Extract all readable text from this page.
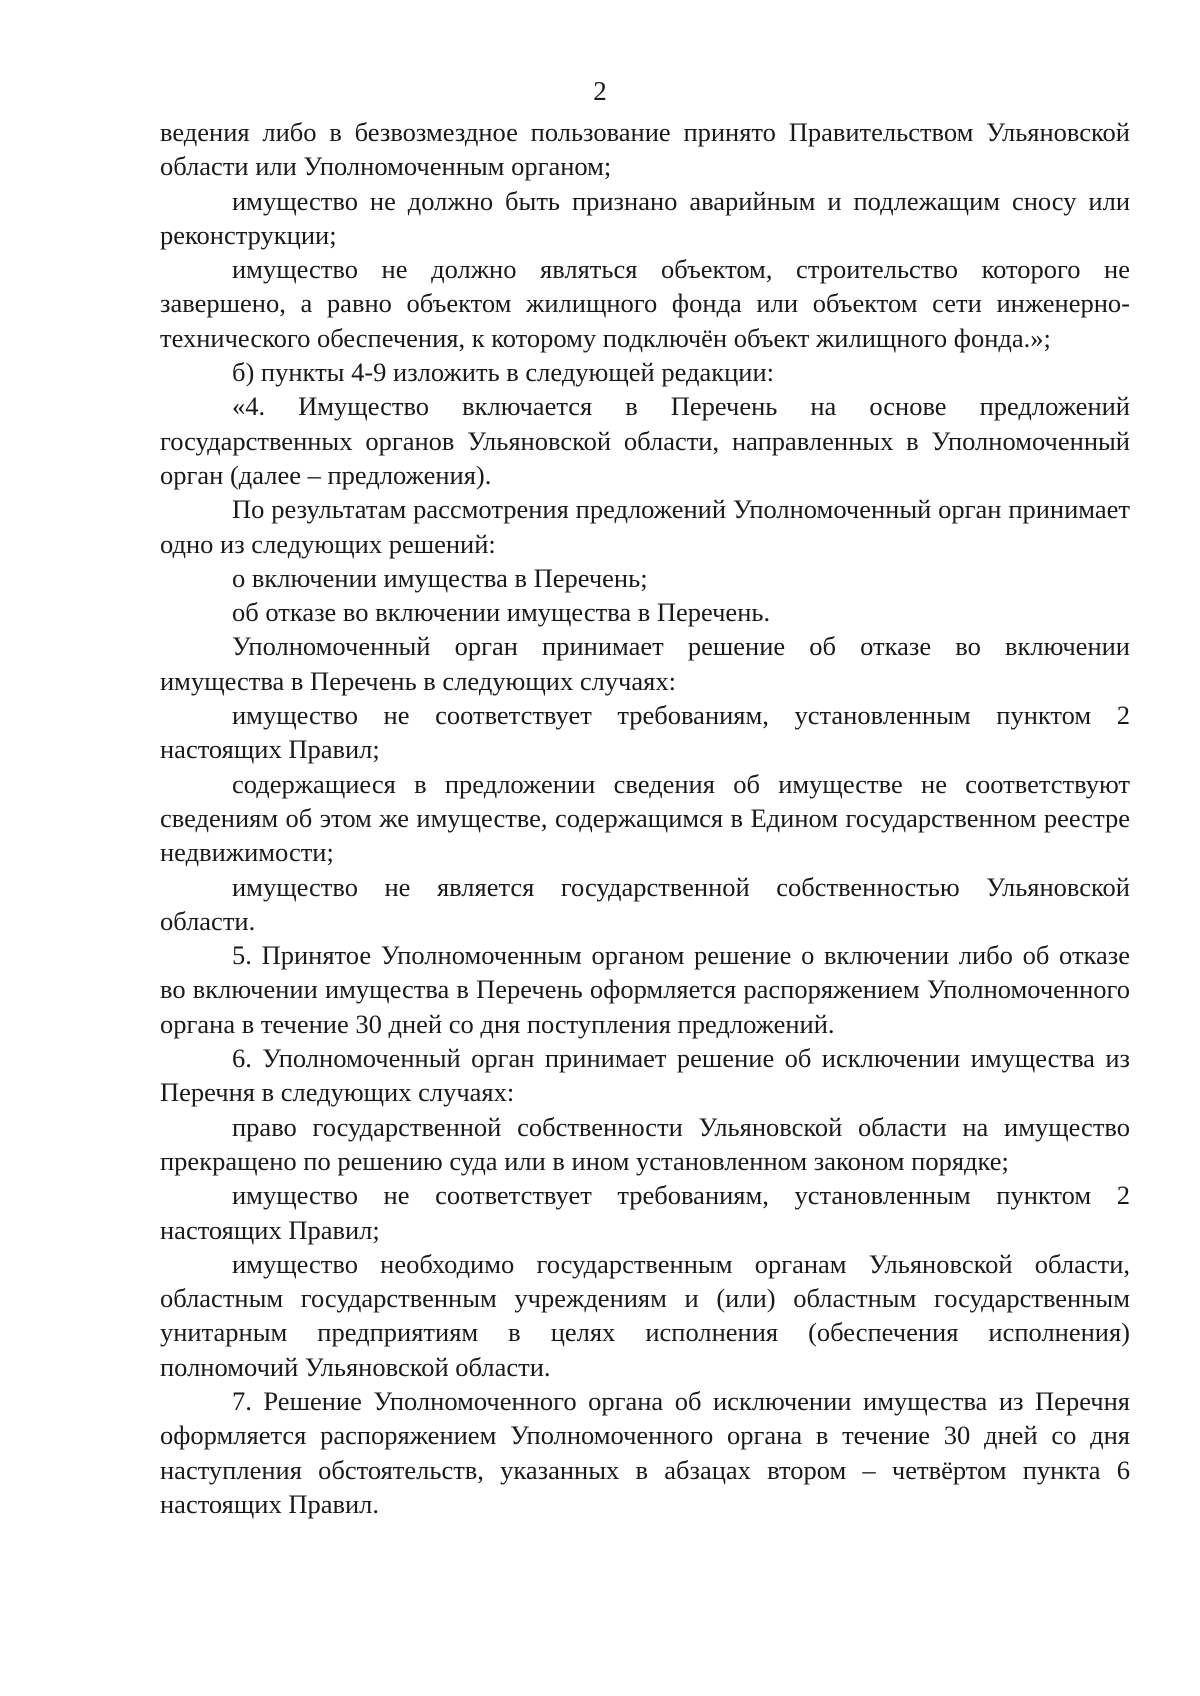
2

ведения либо в безвозмездное пользование принято Правительством Ульяновской области или Уполномоченным органом;

имущество не должно быть признано аварийным и подлежащим сносу или реконструкции;

имущество не должно являться объектом, строительство которого не завершено, а равно объектом жилищного фонда или объектом сети инженерно-технического обеспечения, к которому подключён объект жилищного фонда.»;

б) пункты 4-9 изложить в следующей редакции:

«4. Имущество включается в Перечень на основе предложений государственных органов Ульяновской области, направленных в Уполномоченный орган (далее – предложения).

По результатам рассмотрения предложений Уполномоченный орган принимает одно из следующих решений:

о включении имущества в Перечень;

об отказе во включении имущества в Перечень.

Уполномоченный орган принимает решение об отказе во включении имущества в Перечень в следующих случаях:

имущество не соответствует требованиям, установленным пунктом 2 настоящих Правил;

содержащиеся в предложении сведения об имуществе не соответствуют сведениям об этом же имуществе, содержащимся в Едином государственном реестре недвижимости;

имущество не является государственной собственностью Ульяновской области.

5. Принятое Уполномоченным органом решение о включении либо об отказе во включении имущества в Перечень оформляется распоряжением Уполномоченного органа в течение 30 дней со дня поступления предложений.

6. Уполномоченный орган принимает решение об исключении имущества из Перечня в следующих случаях:

право государственной собственности Ульяновской области на имущество прекращено по решению суда или в ином установленном законом порядке;

имущество не соответствует требованиям, установленным пунктом 2 настоящих Правил;

имущество необходимо государственным органам Ульяновской области, областным государственным учреждениям и (или) областным государственным унитарным предприятиям в целях исполнения (обеспечения исполнения) полномочий Ульяновской области.

7. Решение Уполномоченного органа об исключении имущества из Перечня оформляется распоряжением Уполномоченного органа в течение 30 дней со дня наступления обстоятельств, указанных в абзацах втором – четвёртом пункта 6 настоящих Правил.
